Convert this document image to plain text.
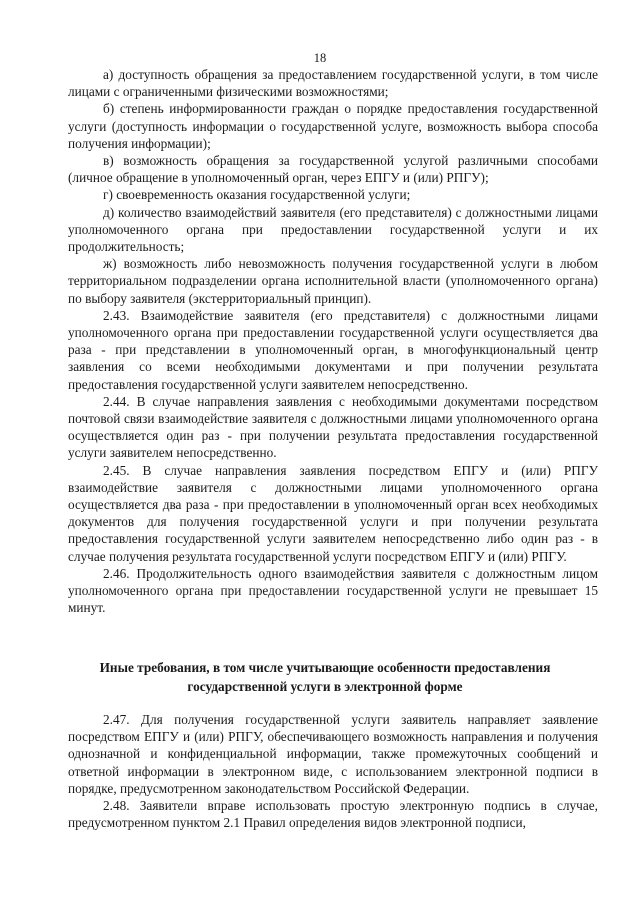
18

а) доступность обращения за предоставлением государственной услуги, в том числе лицами с ограниченными физическими возможностями;

б) степень информированности граждан о порядке предоставления государственной услуги (доступность информации о государственной услуге, возможность выбора способа получения информации);

в) возможность обращения за государственной услугой различными способами (личное обращение в уполномоченный орган, через ЕПГУ и (или) РПГУ);

г) своевременность оказания государственной услуги;

д) количество взаимодействий заявителя (его представителя) с должностными лицами уполномоченного органа при предоставлении государственной услуги и их продолжительность;

ж) возможность либо невозможность получения государственной услуги в любом территориальном подразделении органа исполнительной власти (уполномоченного органа) по выбору заявителя (экстерриториальный принцип).

2.43. Взаимодействие заявителя (его представителя) с должностными лицами уполномоченного органа при предоставлении государственной услуги осуществляется два раза - при представлении в уполномоченный орган, в многофункциональный центр заявления со всеми необходимыми документами и при получении результата предоставления государственной услуги заявителем непосредственно.

2.44. В случае направления заявления с необходимыми документами посредством почтовой связи взаимодействие заявителя с должностными лицами уполномоченного органа осуществляется один раз - при получении результата предоставления государственной услуги заявителем непосредственно.

2.45. В случае направления заявления посредством ЕПГУ и (или) РПГУ взаимодействие заявителя с должностными лицами уполномоченного органа осуществляется два раза - при предоставлении в уполномоченный орган всех необходимых документов для получения государственной услуги и при получении результата предоставления государственной услуги заявителем непосредственно либо один раз - в случае получения результата государственной услуги посредством ЕПГУ и (или) РПГУ.

2.46. Продолжительность одного взаимодействия заявителя с должностным лицом уполномоченного органа при предоставлении государственной услуги не превышает 15 минут.

Иные требования, в том числе учитывающие особенности предоставления государственной услуги в электронной форме

2.47. Для получения государственной услуги заявитель направляет заявление посредством ЕПГУ и (или) РПГУ, обеспечивающего возможность направления и получения однозначной и конфиденциальной информации, также промежуточных сообщений и ответной информации в электронном виде, с использованием электронной подписи в порядке, предусмотренном законодательством Российской Федерации.

2.48. Заявители вправе использовать простую электронную подпись в случае, предусмотренном пунктом 2.1 Правил определения видов электронной подписи,
